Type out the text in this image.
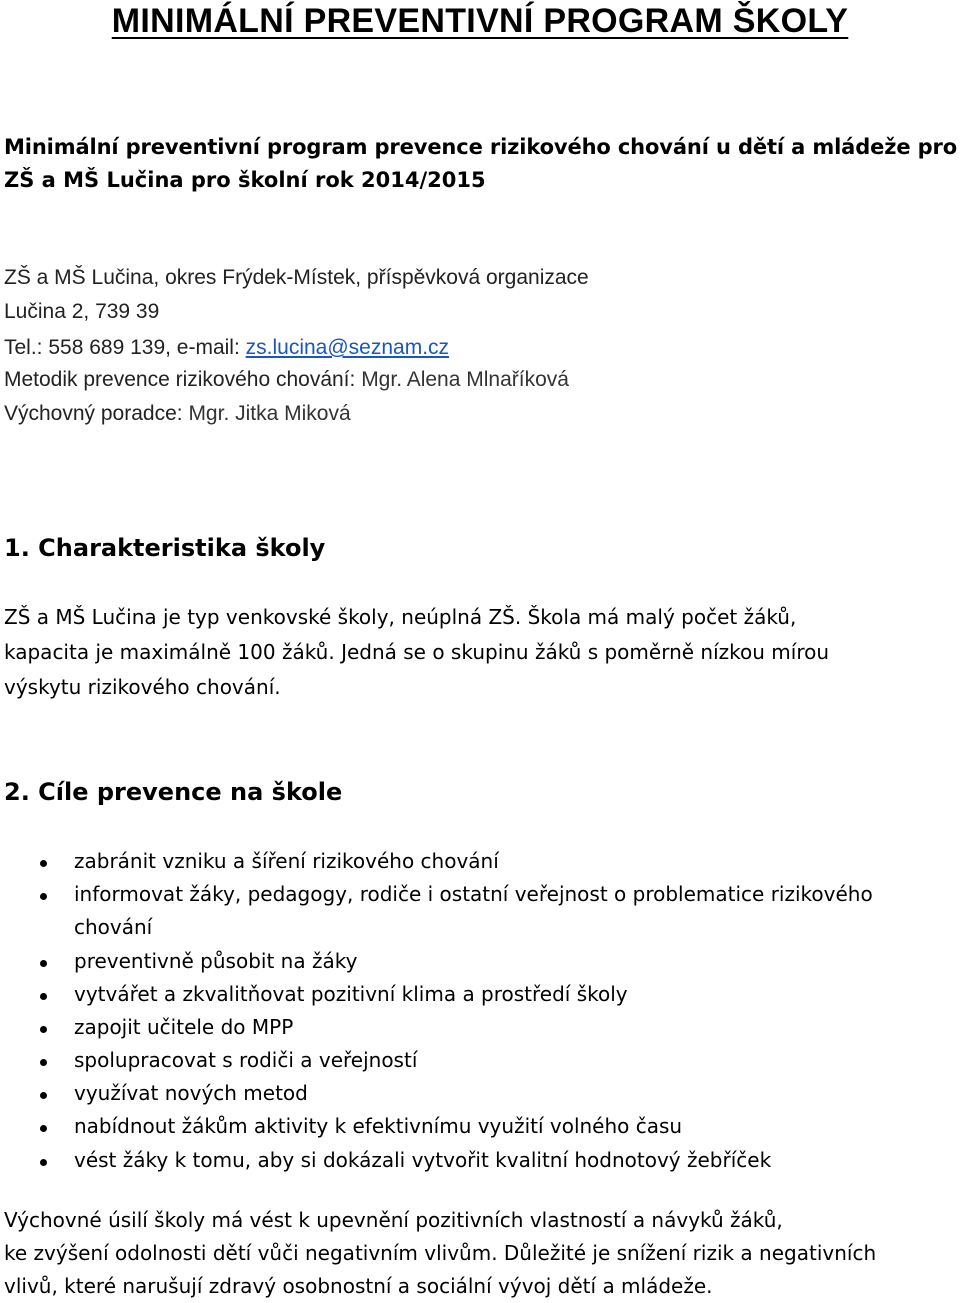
MINIMÁLNÍ PREVENTIVNÍ PROGRAM ŠKOLY
Minimální preventivní program prevence rizikového chování u dětí a mládeže pro
ZŠ a MŠ Lučina pro školní rok 2014/2015
ZŠ a MŠ Lučina, okres Frýdek-Místek, příspěvková organizace
Lučina 2, 739 39
Tel.: 558 689 139, e-mail: zs.lucina@seznam.cz
Metodik prevence rizikového chování: Mgr. Alena Mlnaříková
Výchovný poradce: Mgr. Jitka Miková
1. Charakteristika školy
ZŠ a MŠ Lučina je typ venkovské školy, neúplná ZŠ. Škola má malý počet žáků,
kapacita je maximálně 100 žáků. Jedná se o skupinu žáků s poměrně nízkou mírou
výskytu rizikového chování.
2. Cíle prevence na škole
zabránit vzniku a šíření rizikového chování
informovat žáky, pedagogy, rodiče i ostatní veřejnost o problematice rizikového
chování
preventivně působit na žáky
vytvářet a zkvalitňovat pozitivní klima a prostředí školy
zapojit učitele do MPP
spolupracovat s rodiči a veřejností
využívat nových metod
nabídnout žákům aktivity k efektivnímu využití volného času
vést žáky k tomu, aby si dokázali vytvořit kvalitní hodnotový žebříček
Výchovné úsilí školy má vést k upevnění pozitivních vlastností a návyků žáků,
ke zvýšení odolnosti dětí vůči negativním vlivům. Důležité je snížení rizik a negativních
vlivů, které narušují zdravý osobnostní a sociální vývoj dětí a mládeže.
